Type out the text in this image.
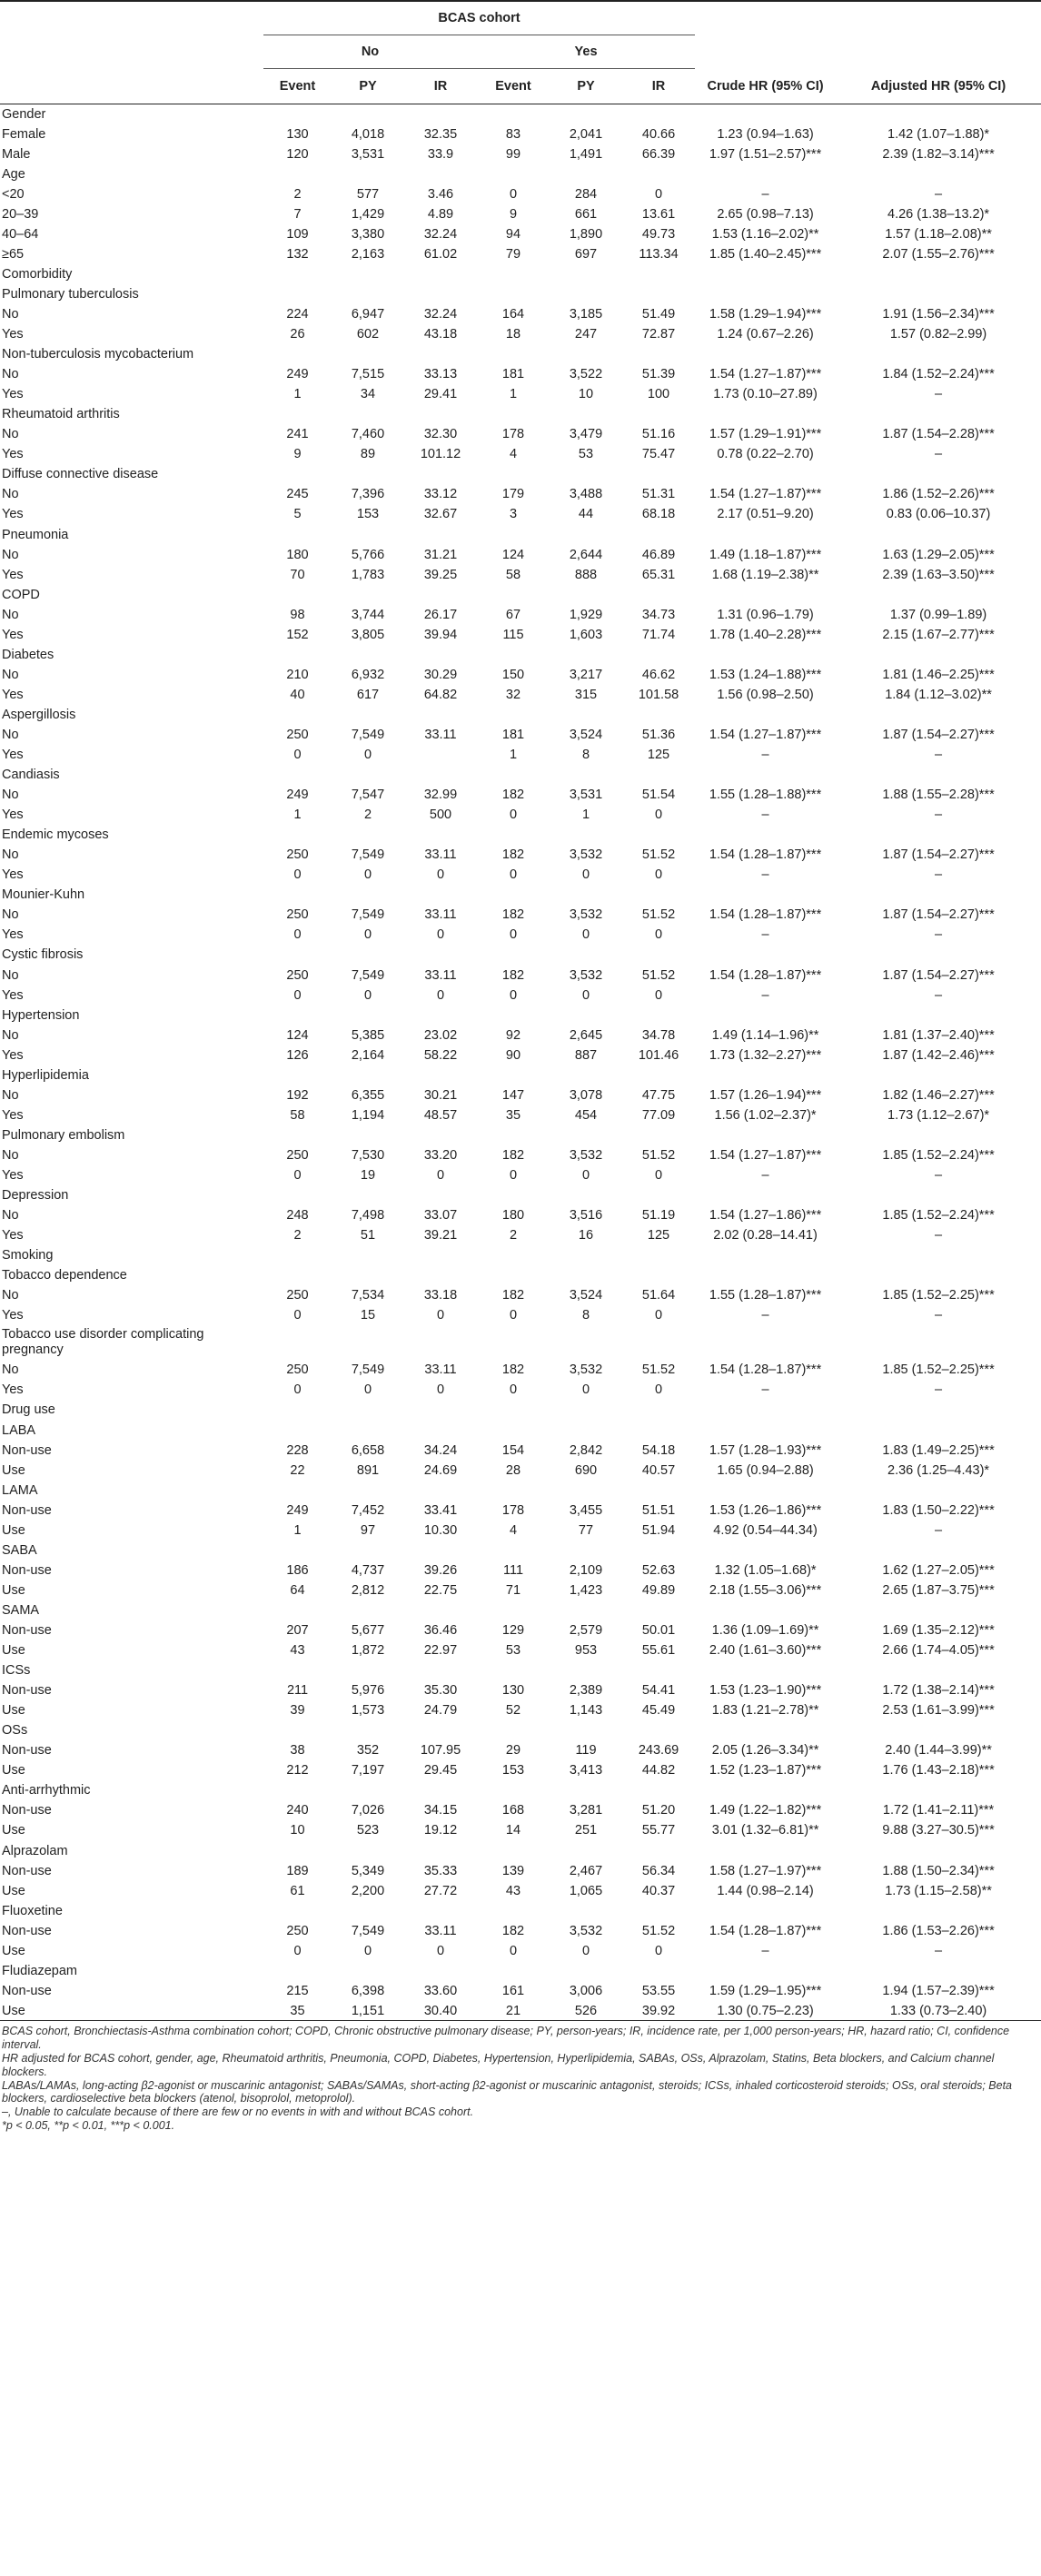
	BCAS cohort							
	No			Yes				
	Event	PY	IR	Event	PY	IR	Crude HR (95% CI)	Adjusted HR (95% CI)
Gender								
Female	130	4,018	32.35	83	2,041	40.66	1.23 (0.94–1.63)	1.42 (1.07–1.88)*
Male	120	3,531	33.9	99	1,491	66.39	1.97 (1.51–2.57)***	2.39 (1.82–3.14)***
Age								
<20	2	577	3.46	0	284	0	–	–
20–39	7	1,429	4.89	9	661	13.61	2.65 (0.98–7.13)	4.26 (1.38–13.2)*
40–64	109	3,380	32.24	94	1,890	49.73	1.53 (1.16–2.02)**	1.57 (1.18–2.08)**
≥65	132	2,163	61.02	79	697	113.34	1.85 (1.40–2.45)***	2.07 (1.55–2.76)***
Comorbidity								
Pulmonary tuberculosis								
No	224	6,947	32.24	164	3,185	51.49	1.58 (1.29–1.94)***	1.91 (1.56–2.34)***
Yes	26	602	43.18	18	247	72.87	1.24 (0.67–2.26)	1.57 (0.82–2.99)
Non-tuberculosis mycobacterium								
No	249	7,515	33.13	181	3,522	51.39	1.54 (1.27–1.87)***	1.84 (1.52–2.24)***
Yes	1	34	29.41	1	10	100	1.73 (0.10–27.89)	–
Rheumatoid arthritis								
No	241	7,460	32.30	178	3,479	51.16	1.57 (1.29–1.91)***	1.87 (1.54–2.28)***
Yes	9	89	101.12	4	53	75.47	0.78 (0.22–2.70)	–
Diffuse connective disease								
No	245	7,396	33.12	179	3,488	51.31	1.54 (1.27–1.87)***	1.86 (1.52–2.26)***
Yes	5	153	32.67	3	44	68.18	2.17 (0.51–9.20)	0.83 (0.06–10.37)
Pneumonia								
No	180	5,766	31.21	124	2,644	46.89	1.49 (1.18–1.87)***	1.63 (1.29–2.05)***
Yes	70	1,783	39.25	58	888	65.31	1.68 (1.19–2.38)**	2.39 (1.63–3.50)***
COPD								
No	98	3,744	26.17	67	1,929	34.73	1.31 (0.96–1.79)	1.37 (0.99–1.89)
Yes	152	3,805	39.94	115	1,603	71.74	1.78 (1.40–2.28)***	2.15 (1.67–2.77)***
Diabetes								
No	210	6,932	30.29	150	3,217	46.62	1.53 (1.24–1.88)***	1.81 (1.46–2.25)***
Yes	40	617	64.82	32	315	101.58	1.56 (0.98–2.50)	1.84 (1.12–3.02)**
Aspergillosis								
No	250	7,549	33.11	181	3,524	51.36	1.54 (1.27–1.87)***	1.87 (1.54–2.27)***
Yes	0	0		1	8	125	–	–
Candiasis								
No	249	7,547	32.99	182	3,531	51.54	1.55 (1.28–1.88)***	1.88 (1.55–2.28)***
Yes	1	2	500	0	1	0	–	–
Endemic mycoses								
No	250	7,549	33.11	182	3,532	51.52	1.54 (1.28–1.87)***	1.87 (1.54–2.27)***
Yes	0	0	0	0	0	0	–	–
Mounier-Kuhn								
No	250	7,549	33.11	182	3,532	51.52	1.54 (1.28–1.87)***	1.87 (1.54–2.27)***
Yes	0	0	0	0	0	0	–	–
Cystic fibrosis								
No	250	7,549	33.11	182	3,532	51.52	1.54 (1.28–1.87)***	1.87 (1.54–2.27)***
Yes	0	0	0	0	0	0	–	–
Hypertension								
No	124	5,385	23.02	92	2,645	34.78	1.49 (1.14–1.96)**	1.81 (1.37–2.40)***
Yes	126	2,164	58.22	90	887	101.46	1.73 (1.32–2.27)***	1.87 (1.42–2.46)***
Hyperlipidemia								
No	192	6,355	30.21	147	3,078	47.75	1.57 (1.26–1.94)***	1.82 (1.46–2.27)***
Yes	58	1,194	48.57	35	454	77.09	1.56 (1.02–2.37)*	1.73 (1.12–2.67)*
Pulmonary embolism								
No	250	7,530	33.20	182	3,532	51.52	1.54 (1.27–1.87)***	1.85 (1.52–2.24)***
Yes	0	19	0	0	0	0	–	–
Depression								
No	248	7,498	33.07	180	3,516	51.19	1.54 (1.27–1.86)***	1.85 (1.52–2.24)***
Yes	2	51	39.21	2	16	125	2.02 (0.28–14.41)	–
Smoking								
Tobacco dependence								
No	250	7,534	33.18	182	3,524	51.64	1.55 (1.28–1.87)***	1.85 (1.52–2.25)***
Yes	0	15	0	0	8	0	–	–
Tobacco use disorder complicating pregnancy								
No	250	7,549	33.11	182	3,532	51.52	1.54 (1.28–1.87)***	1.85 (1.52–2.25)***
Yes	0	0	0	0	0	0	–	–
Drug use								
LABA								
Non-use	228	6,658	34.24	154	2,842	54.18	1.57 (1.28–1.93)***	1.83 (1.49–2.25)***
Use	22	891	24.69	28	690	40.57	1.65 (0.94–2.88)	2.36 (1.25–4.43)*
LAMA								
Non-use	249	7,452	33.41	178	3,455	51.51	1.53 (1.26–1.86)***	1.83 (1.50–2.22)***
Use	1	97	10.30	4	77	51.94	4.92 (0.54–44.34)	–
SABA								
Non-use	186	4,737	39.26	111	2,109	52.63	1.32 (1.05–1.68)*	1.62 (1.27–2.05)***
Use	64	2,812	22.75	71	1,423	49.89	2.18 (1.55–3.06)***	2.65 (1.87–3.75)***
SAMA								
Non-use	207	5,677	36.46	129	2,579	50.01	1.36 (1.09–1.69)**	1.69 (1.35–2.12)***
Use	43	1,872	22.97	53	953	55.61	2.40 (1.61–3.60)***	2.66 (1.74–4.05)***
ICSs								
Non-use	211	5,976	35.30	130	2,389	54.41	1.53 (1.23–1.90)***	1.72 (1.38–2.14)***
Use	39	1,573	24.79	52	1,143	45.49	1.83 (1.21–2.78)**	2.53 (1.61–3.99)***
OSs								
Non-use	38	352	107.95	29	119	243.69	2.05 (1.26–3.34)**	2.40 (1.44–3.99)**
Use	212	7,197	29.45	153	3,413	44.82	1.52 (1.23–1.87)***	1.76 (1.43–2.18)***
Anti-arrhythmic								
Non-use	240	7,026	34.15	168	3,281	51.20	1.49 (1.22–1.82)***	1.72 (1.41–2.11)***
Use	10	523	19.12	14	251	55.77	3.01 (1.32–6.81)**	9.88 (3.27–30.5)***
Alprazolam								
Non-use	189	5,349	35.33	139	2,467	56.34	1.58 (1.27–1.97)***	1.88 (1.50–2.34)***
Use	61	2,200	27.72	43	1,065	40.37	1.44 (0.98–2.14)	1.73 (1.15–2.58)**
Fluoxetine								
Non-use	250	7,549	33.11	182	3,532	51.52	1.54 (1.28–1.87)***	1.86 (1.53–2.26)***
Use	0	0	0	0	0	0	–	–
Fludiazepam								
Non-use	215	6,398	33.60	161	3,006	53.55	1.59 (1.29–1.95)***	1.94 (1.57–2.39)***
Use	35	1,151	30.40	21	526	39.92	1.30 (0.75–2.23)	1.33 (0.73–2.40)

BCAS cohort, Bronchiectasis-Asthma combination cohort; COPD, Chronic obstructive pulmonary disease; PY, person-years; IR, incidence rate, per 1,000 person-years; HR, hazard ratio; CI, confidence interval.

HR adjusted for BCAS cohort, gender, age, Rheumatoid arthritis, Pneumonia, COPD, Diabetes, Hypertension, Hyperlipidemia, SABAs, OSs, Alprazolam, Statins, Beta blockers, and Calcium channel blockers.

LABAs/LAMAs, long-acting β2-agonist or muscarinic antagonist; SABAs/SAMAs, short-acting β2-agonist or muscarinic antagonist, steroids; ICSs, inhaled corticosteroid steroids; OSs, oral steroids; Beta blockers, cardioselective beta blockers (atenol, bisoprolol, metoprolol).

–, Unable to calculate because of there are few or no events in with and without BCAS cohort.

*p < 0.05, **p < 0.01, ***p < 0.001.
